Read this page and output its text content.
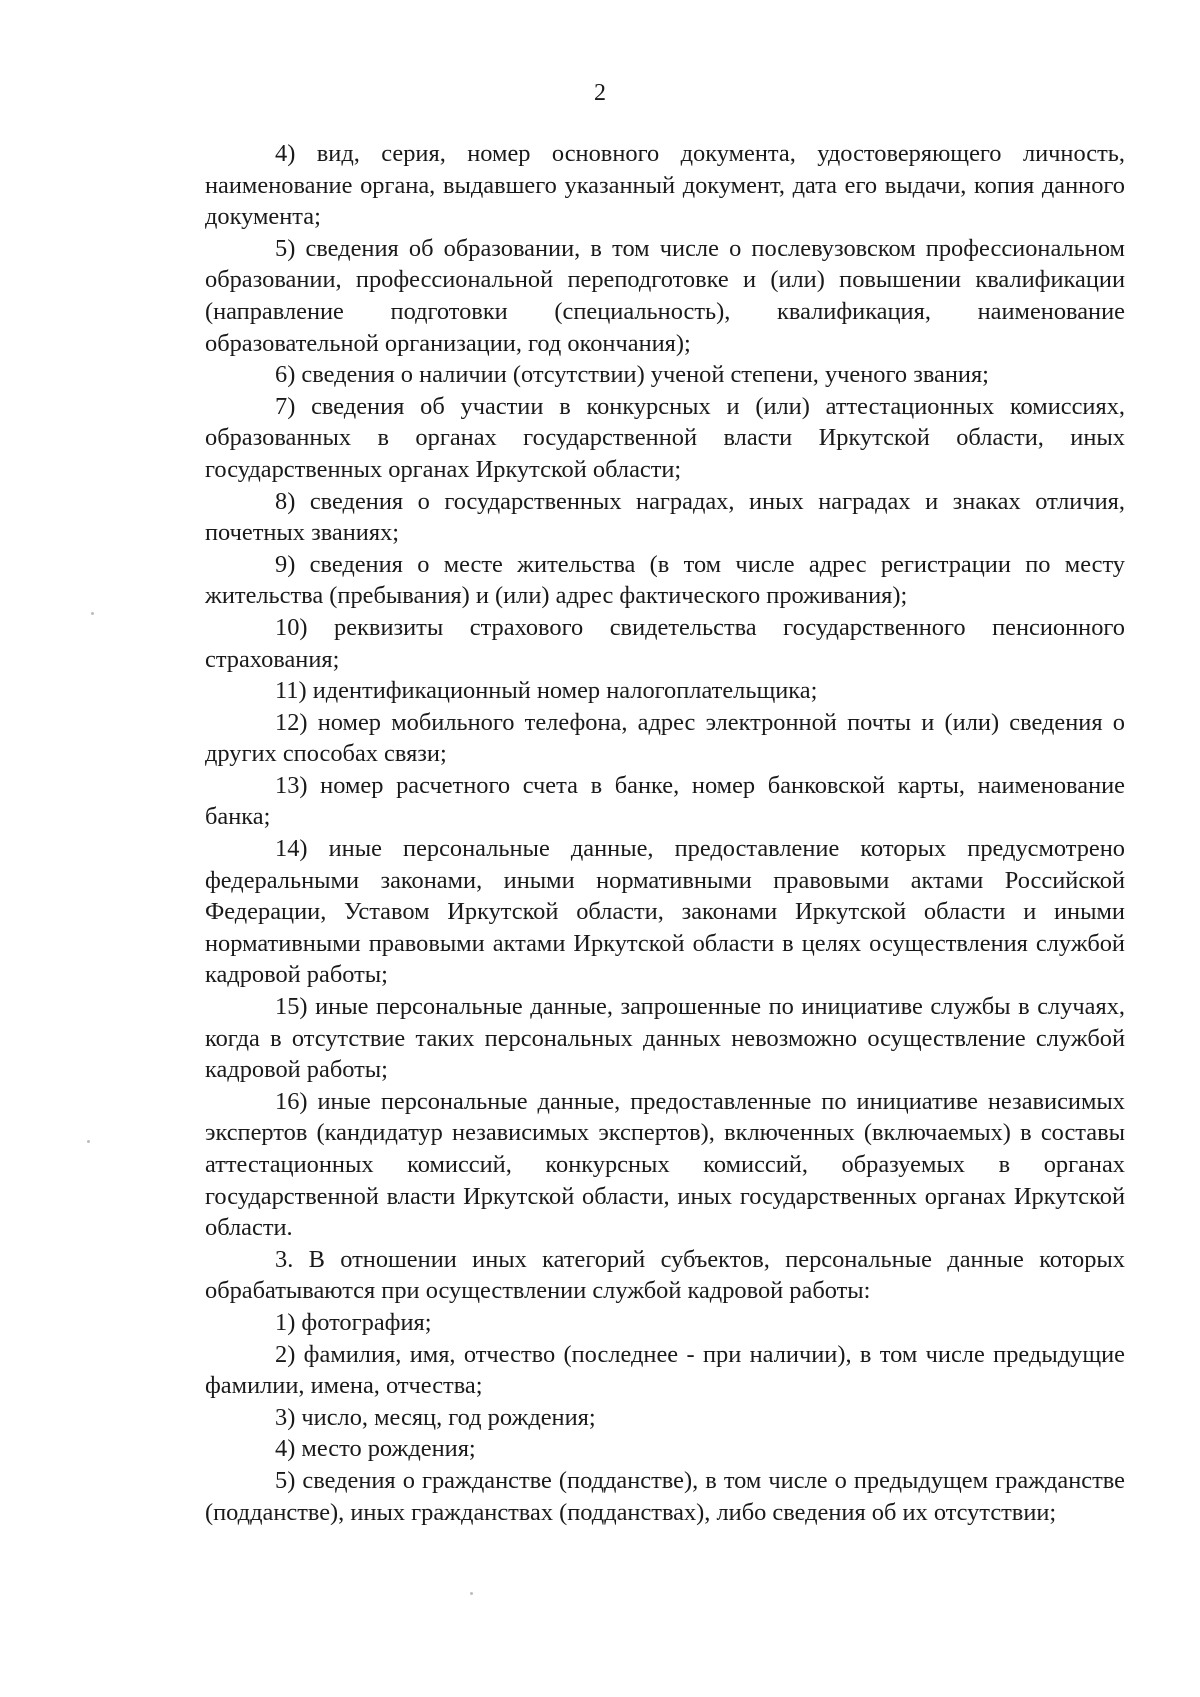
2

4) вид, серия, номер основного документа, удостоверяющего личность, наименование органа, выдавшего указанный документ, дата его выдачи, копия данного документа;

5) сведения об образовании, в том числе о послевузовском профессиональном образовании, профессиональной переподготовке и (или) повышении квалификации (направление подготовки (специальность), квалификация, наименование образовательной организации, год окончания);

6) сведения о наличии (отсутствии) ученой степени, ученого звания;

7) сведения об участии в конкурсных и (или) аттестационных комиссиях, образованных в органах государственной власти Иркутской области, иных государственных органах Иркутской области;

8) сведения о государственных наградах, иных наградах и знаках отличия, почетных званиях;

9) сведения о месте жительства (в том числе адрес регистрации по месту жительства (пребывания) и (или) адрес фактического проживания);

10) реквизиты страхового свидетельства государственного пенсионного страхования;

11) идентификационный номер налогоплательщика;

12) номер мобильного телефона, адрес электронной почты и (или) сведения о других способах связи;

13) номер расчетного счета в банке, номер банковской карты, наименование банка;

14) иные персональные данные, предоставление которых предусмотрено федеральными законами, иными нормативными правовыми актами Российской Федерации, Уставом Иркутской области, законами Иркутской области и иными нормативными правовыми актами Иркутской области в целях осуществления службой кадровой работы;

15) иные персональные данные, запрошенные по инициативе службы в случаях, когда в отсутствие таких персональных данных невозможно осуществление службой кадровой работы;

16) иные персональные данные, предоставленные по инициативе независимых экспертов (кандидатур независимых экспертов), включенных (включаемых) в составы аттестационных комиссий, конкурсных комиссий, образуемых в органах государственной власти Иркутской области, иных государственных органах Иркутской области.

3. В отношении иных категорий субъектов, персональные данные которых обрабатываются при осуществлении службой кадровой работы:

1) фотография;

2) фамилия, имя, отчество (последнее - при наличии), в том числе предыдущие фамилии, имена, отчества;

3) число, месяц, год рождения;

4) место рождения;

5) сведения о гражданстве (подданстве), в том числе о предыдущем гражданстве (подданстве), иных гражданствах (подданствах), либо сведения об их отсутствии;
